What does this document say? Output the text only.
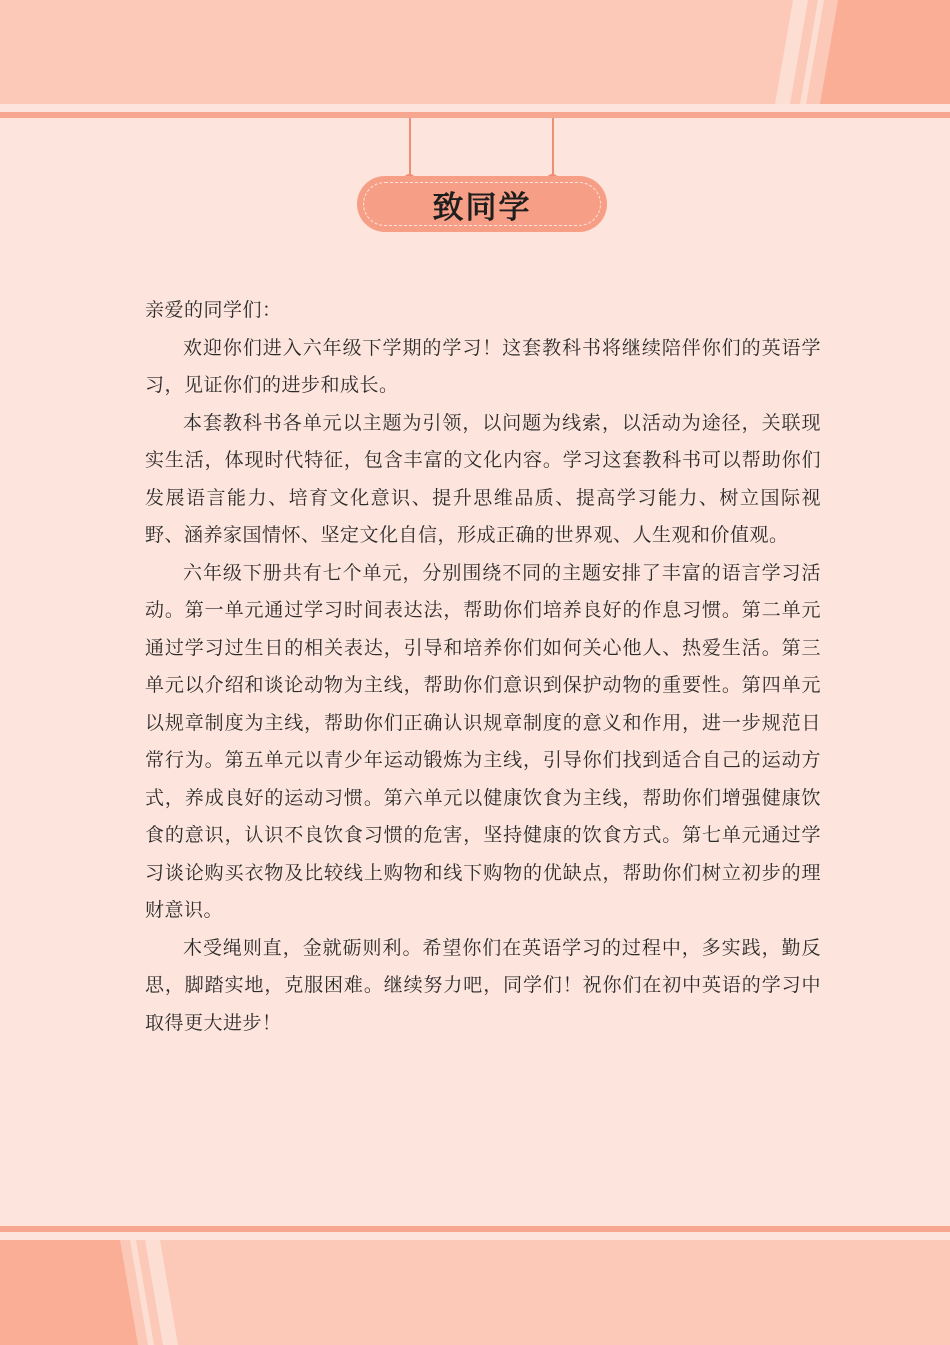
致同学

亲爱的同学们：

欢迎你们进入六年级下学期的学习！这套教科书将继续陪伴你们的英语学习，见证你们的进步和成长。

本套教科书各单元以主题为引领，以问题为线索，以活动为途径，关联现实生活，体现时代特征，包含丰富的文化内容。学习这套教科书可以帮助你们发展语言能力、培育文化意识、提升思维品质、提高学习能力、树立国际视野、涵养家国情怀、坚定文化自信，形成正确的世界观、人生观和价值观。

六年级下册共有七个单元，分别围绕不同的主题安排了丰富的语言学习活动。第一单元通过学习时间表达法，帮助你们培养良好的作息习惯。第二单元通过学习过生日的相关表达，引导和培养你们如何关心他人、热爱生活。第三单元以介绍和谈论动物为主线，帮助你们意识到保护动物的重要性。第四单元以规章制度为主线，帮助你们正确认识规章制度的意义和作用，进一步规范日常行为。第五单元以青少年运动锻炼为主线，引导你们找到适合自己的运动方式，养成良好的运动习惯。第六单元以健康饮食为主线，帮助你们增强健康饮食的意识，认识不良饮食习惯的危害，坚持健康的饮食方式。第七单元通过学习谈论购买衣物及比较线上购物和线下购物的优缺点，帮助你们树立初步的理财意识。

木受绳则直，金就砺则利。希望你们在英语学习的过程中，多实践，勤反思，脚踏实地，克服困难。继续努力吧，同学们！祝你们在初中英语的学习中取得更大进步！
